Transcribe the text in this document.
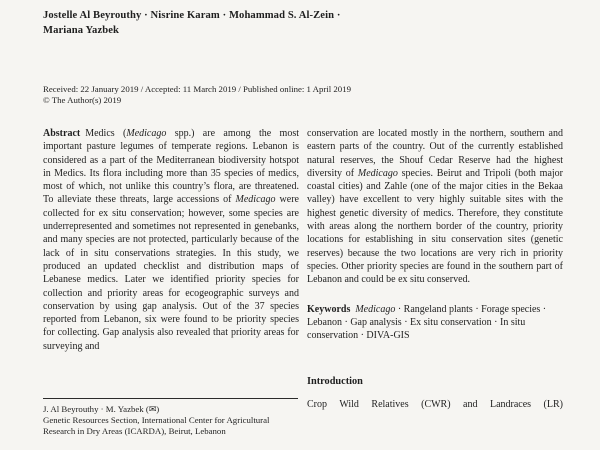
Jostelle Al Beyrouthy · Nisrine Karam · Mohammad S. Al-Zein ·
Mariana Yazbek
Received: 22 January 2019 / Accepted: 11 March 2019 / Published online: 1 April 2019
© The Author(s) 2019

Abstract Medics (Medicago spp.) are among the most important pasture legumes of temperate regions. Lebanon is considered as a part of the Mediterranean biodiversity hotspot in Medics. Its flora including more than 35 species of medics, most of which, not unlike this country’s flora, are threatened. To alleviate these threats, large accessions of Medicago were collected for ex situ conservation; however, some species are underrepresented and sometimes not represented in genebanks, and many species are not protected, particularly because of the lack of in situ conservations strategies. In this study, we produced an updated checklist and distribution maps of Lebanese medics. Later we identified priority species for collection and priority areas for ecogeographic surveys and conservation by using gap analysis. Out of the 37 species reported from Lebanon, six were found to be priority species for collecting. Gap analysis also revealed that priority areas for surveying and

J. Al Beyrouthy · M. Yazbek (✉)
Genetic Resources Section, International Center for Agricultural Research in Dry Areas (ICARDA), Beirut, Lebanon

conservation are located mostly in the northern, southern and eastern parts of the country. Out of the currently established natural reserves, the Shouf Cedar Reserve had the highest diversity of Medicago species. Beirut and Tripoli (both major coastal cities) and Zahle (one of the major cities in the Bekaa valley) have excellent to very highly suitable sites with the highest genetic diversity of medics. Therefore, they constitute with areas along the northern border of the country, priority locations for establishing in situ conservation sites (genetic reserves) because the two locations are very rich in priority species. Other priority species are found in the southern part of Lebanon and could be ex situ conserved.

Keywords  Medicago · Rangeland plants · Forage species · Lebanon · Gap analysis · Ex situ conservation · In situ conservation · DIVA-GIS

Introduction

Crop Wild Relatives (CWR) and Landraces (LR)
